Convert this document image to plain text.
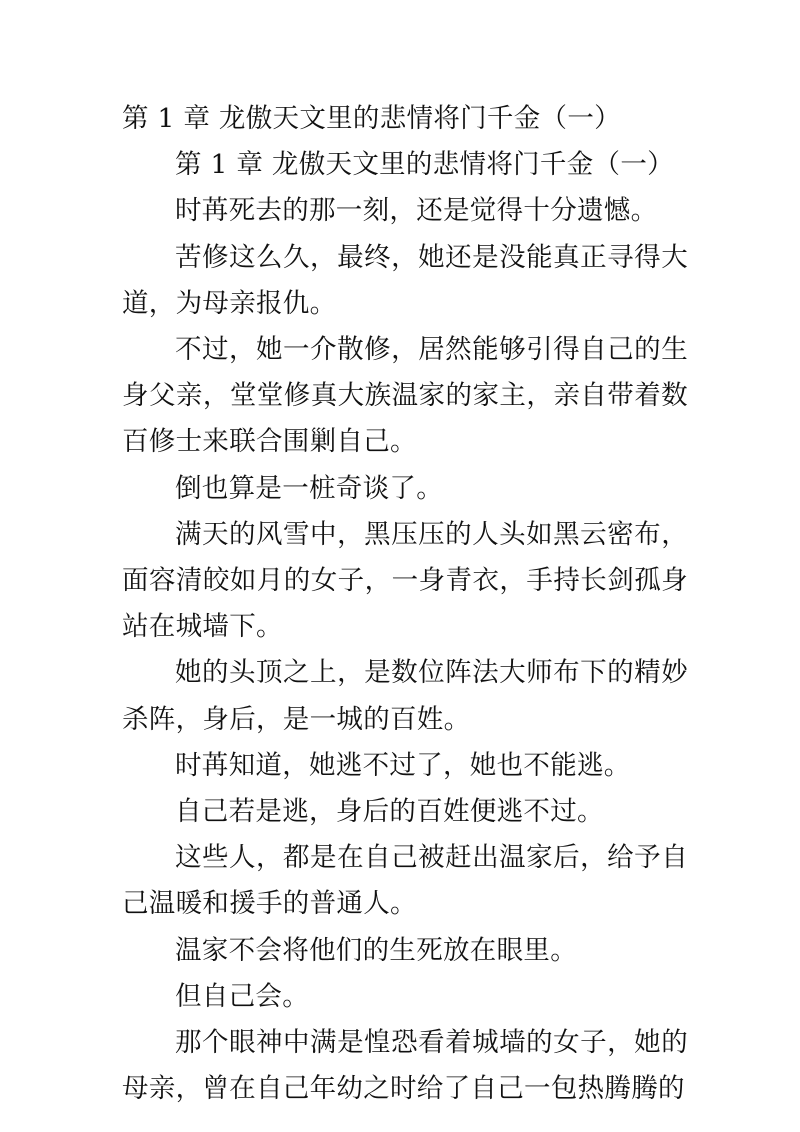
第 1 章 龙傲天文里的悲情将门千金（一）

第 1 章 龙傲天文里的悲情将门千金（一）

时苒死去的那一刻，还是觉得十分遗憾。

苦修这么久，最终，她还是没能真正寻得大道，为母亲报仇。

不过，她一介散修，居然能够引得自己的生身父亲，堂堂修真大族温家的家主，亲自带着数百修士来联合围剿自己。

倒也算是一桩奇谈了。

满天的风雪中，黑压压的人头如黑云密布，面容清皎如月的女子，一身青衣，手持长剑孤身站在城墙下。

她的头顶之上，是数位阵法大师布下的精妙杀阵，身后，是一城的百姓。

时苒知道，她逃不过了，她也不能逃。

自己若是逃，身后的百姓便逃不过。

这些人，都是在自己被赶出温家后，给予自己温暖和援手的普通人。

温家不会将他们的生死放在眼里。

但自己会。

那个眼神中满是惶恐看着城墙的女子，她的母亲，曾在自己年幼之时给了自己一包热腾腾的
